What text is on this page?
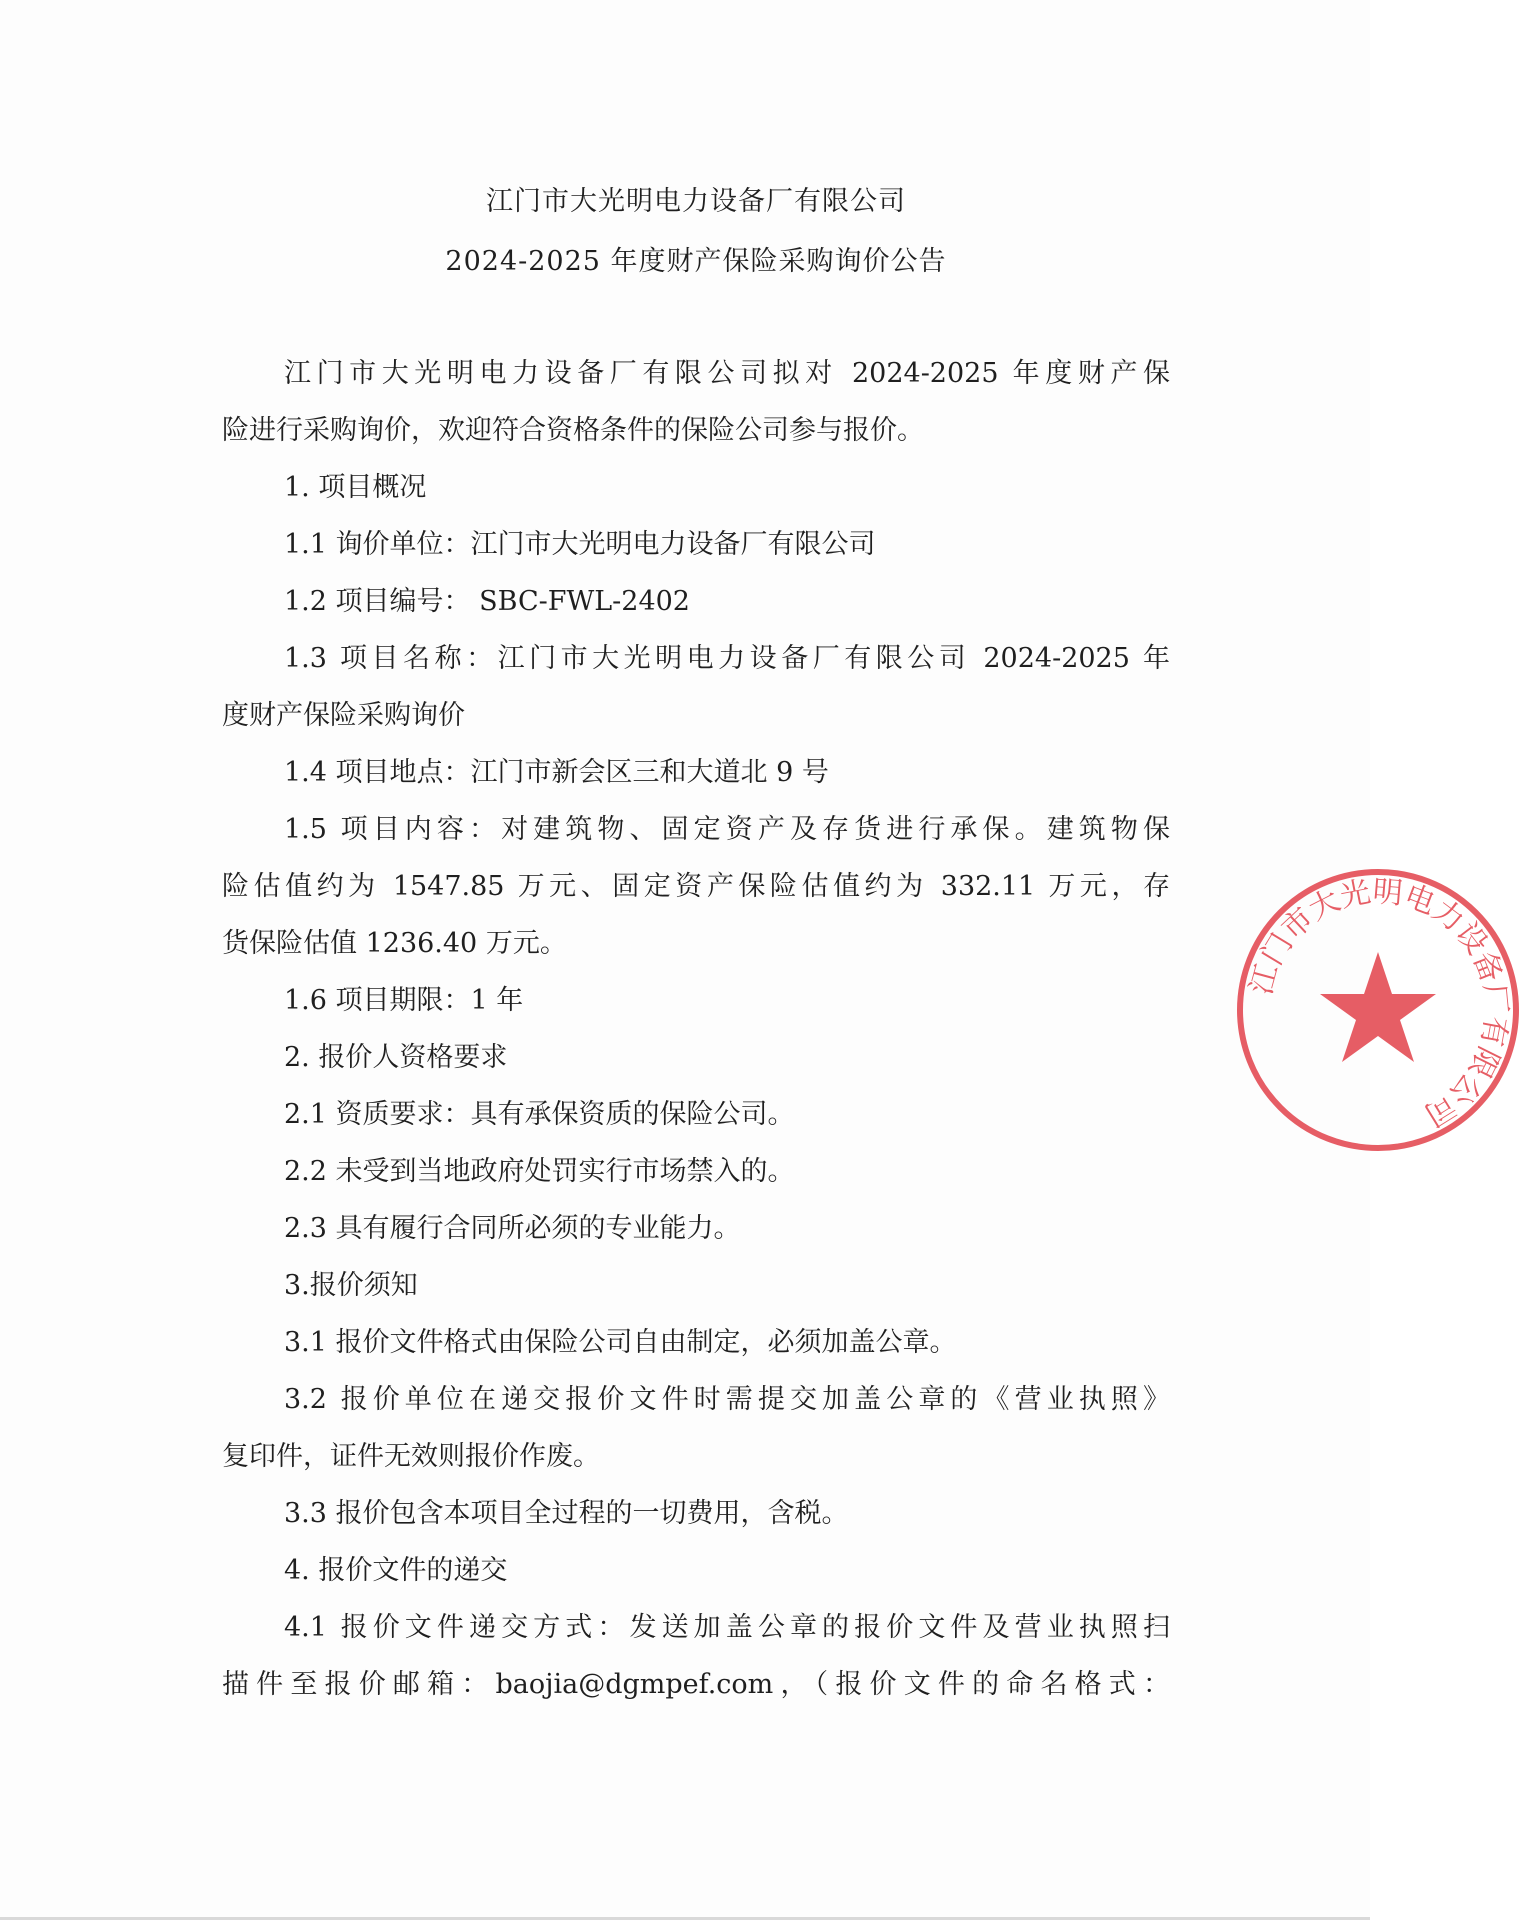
江门市大光明电力设备厂有限公司
2024-2025 年度财产保险采购询价公告
江门市大光明电力设备厂有限公司拟对 2024-2025 年度财产保
险进行采购询价，欢迎符合资格条件的保险公司参与报价。
1. 项目概况
1.1 询价单位：江门市大光明电力设备厂有限公司
1.2 项目编号： SBC-FWL-2402
1.3 项目名称：江门市大光明电力设备厂有限公司 2024-2025 年
度财产保险采购询价
1.4 项目地点：江门市新会区三和大道北 9 号
1.5 项目内容：对建筑物、固定资产及存货进行承保。建筑物保
险估值约为 1547.85 万元、固定资产保险估值约为 332.11 万元，存
货保险估值 1236.40 万元。
1.6 项目期限：1 年
2. 报价人资格要求
2.1 资质要求：具有承保资质的保险公司。
2.2 未受到当地政府处罚实行市场禁入的。
2.3 具有履行合同所必须的专业能力。
3.报价须知
3.1 报价文件格式由保险公司自由制定，必须加盖公章。
3.2 报价单位在递交报价文件时需提交加盖公章的《营业执照》
复印件，证件无效则报价作废。
3.3 报价包含本项目全过程的一切费用，含税。
4. 报价文件的递交
4.1 报价文件递交方式：发送加盖公章的报价文件及营业执照扫
描件至报价邮箱：baojia@dgmpef.com，（报价文件的命名格式：
江门市大光明电力设备厂有限公司
